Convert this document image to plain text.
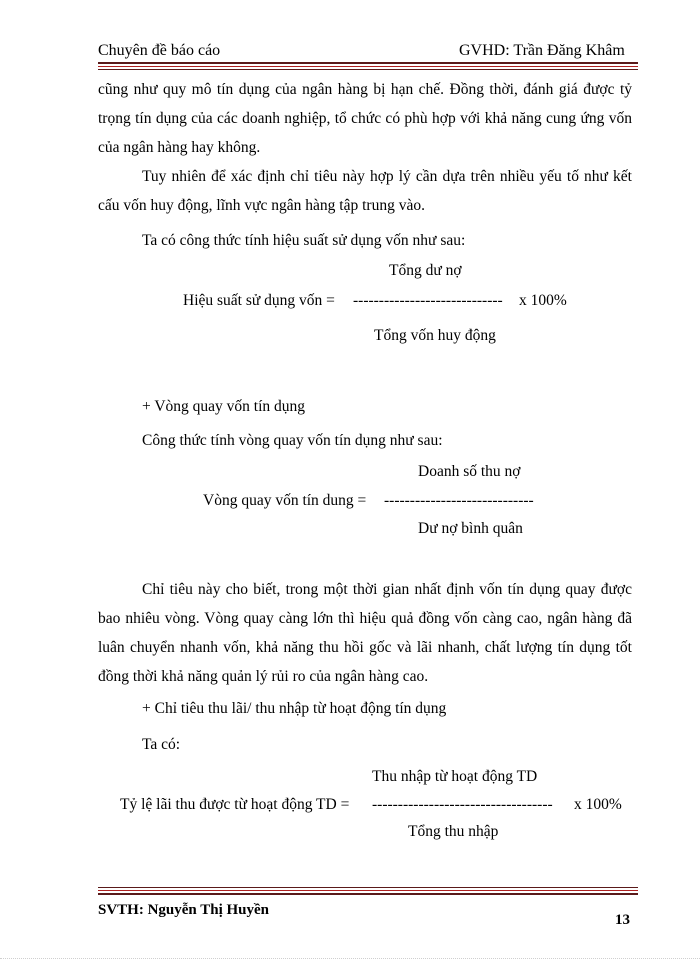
Chuyên đề báo cáo	GVHD: Trần Đăng Khâm
cũng như quy mô tín dụng của ngân hàng bị hạn chế. Đồng thời, đánh giá được tỷ trọng tín dụng của các doanh nghiệp, tổ chức có phù hợp với khả năng cung ứng vốn của ngân hàng hay không.
Tuy nhiên để xác định chỉ tiêu này hợp lý cần dựa trên nhiều yếu tố như kết cấu vốn huy động, lĩnh vực ngân hàng tập trung vào.
Ta có công thức tính hiệu suất sử dụng vốn như sau:
Tổng dư nợ
Hiệu suất sử dụng vốn = ----------------------------- x 100%
Tổng vốn huy động
+ Vòng quay vốn tín dụng
Công thức tính vòng quay vốn tín dụng như sau:
Doanh số thu nợ
Vòng quay vốn tín dung = -----------------------------
Dư nợ bình quân
Chỉ tiêu này cho biết, trong một thời gian nhất định vốn tín dụng quay được bao nhiêu vòng. Vòng quay càng lớn thì hiệu quả đồng vốn càng cao, ngân hàng đã luân chuyển nhanh vốn, khả năng thu hồi gốc và lãi nhanh, chất lượng tín dụng tốt đồng thời khả năng quản lý rủi ro của ngân hàng cao.
+ Chỉ tiêu thu lãi/ thu nhập từ hoạt động tín dụng
Ta có:
Thu nhập từ hoạt động TD
Tỷ lệ lãi thu được từ hoạt động TD = ----------------------------------- x 100%
Tổng thu nhập
SVTH: Nguyễn Thị Huyền
13
